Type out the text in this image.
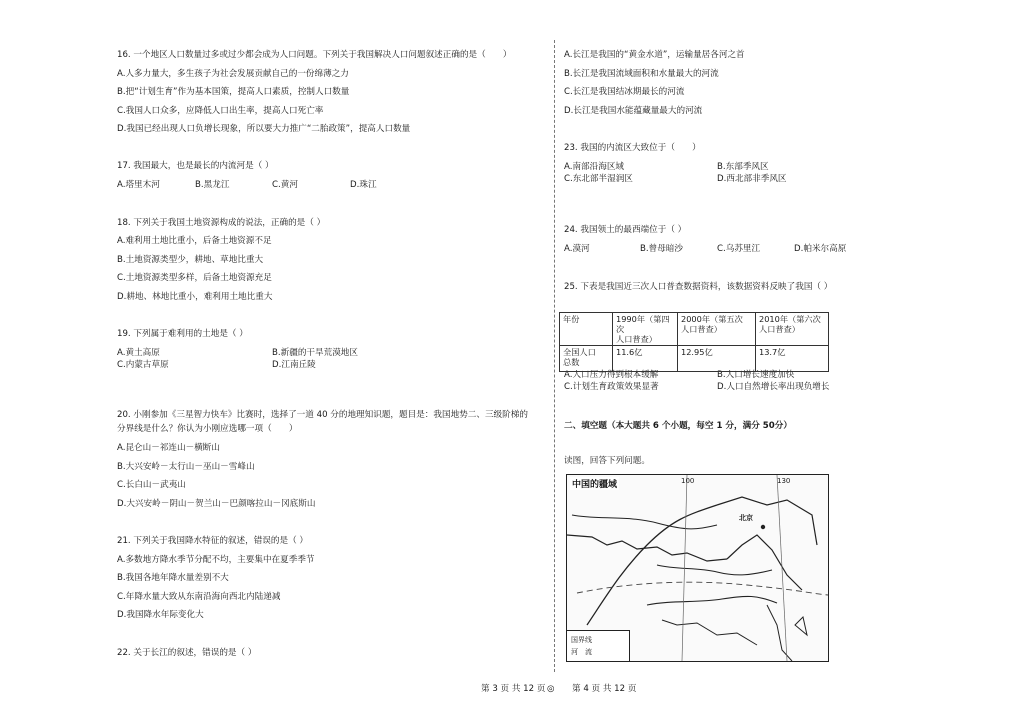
16. 一个地区人口数量过多或过少都会成为人口问题。下列关于我国解决人口问题叙述正确的是（　　）
A.人多力量大，多生孩子为社会发展贡献自己的一份绵薄之力
B.把“计划生育”作为基本国策，提高人口素质，控制人口数量
C.我国人口众多，应降低人口出生率，提高人口死亡率
D.我国已经出现人口负增长现象，所以要大力推广“二胎政策”，提高人口数量
17. 我国最大，也是最长的内流河是（ ）
A.塔里木河	B.黑龙江	C.黄河	D.珠江
18. 下列关于我国土地资源构成的说法，正确的是（ ）
A.难利用土地比重小，后备土地资源不足
B.土地资源类型少，耕地、草地比重大
C.土地资源类型多样，后备土地资源充足
D.耕地、林地比重小，难利用土地比重大
19. 下列属于难利用的土地是（ ）
A.黄土高原	B.新疆的干旱荒漠地区
C.内蒙古草原	D.江南丘陵
20. 小刚参加《三星智力快车》比赛时，选择了一道 40 分的地理知识题，题目是：我国地势二、三级阶梯的
分界线是什么？你认为小刚应选哪一项（　　）
A.昆仑山－祁连山－横断山
B.大兴安岭－太行山－巫山－雪峰山
C.长白山－武夷山
D.大兴安岭－阴山－贺兰山－巴颜喀拉山－冈底斯山
21. 下列关于我国降水特征的叙述，错误的是（ ）
A.多数地方降水季节分配不均，主要集中在夏季季节
B.我国各地年降水量差别不大
C.年降水量大致从东南沿海向西北内陆递减
D.我国降水年际变化大
22. 关于长江的叙述，错误的是（ ）
A.长江是我国的“黄金水道”，运输量居各河之首
B.长江是我国流域面积和水量最大的河流
C.长江是我国结冰期最长的河流
D.长江是我国水能蕴藏量最大的河流
23. 我国的内流区大致位于（　　）
A.南部沿海区域	B.东部季风区
C.东北部半湿润区	D.西北部非季风区
24. 我国领土的最西端位于（ ）
A.漠河	B.曾母暗沙	C.乌苏里江	D.帕米尔高原
25. 下表是我国近三次人口普查数据资料，该数据资料反映了我国（ ）
A.人口压力得到根本缓解	B.人口增长速度加快
C.计划生育政策效果显著	D.人口自然增长率出现负增长
二、填空题（本大题共 6 个小题，每空 1 分，满分 50分）
读图，回答下列问题。
年份	1990年（第四次
人口普查）	2000年（第五次
人口普查）	2010年（第六次
人口普查）
全国人口
总数	11.6亿	12.95亿	13.7亿
中国的疆域	100	130
北京
国界线
河　流
第 3 页 共 12 页 ◎ 第 4 页 共 12 页
